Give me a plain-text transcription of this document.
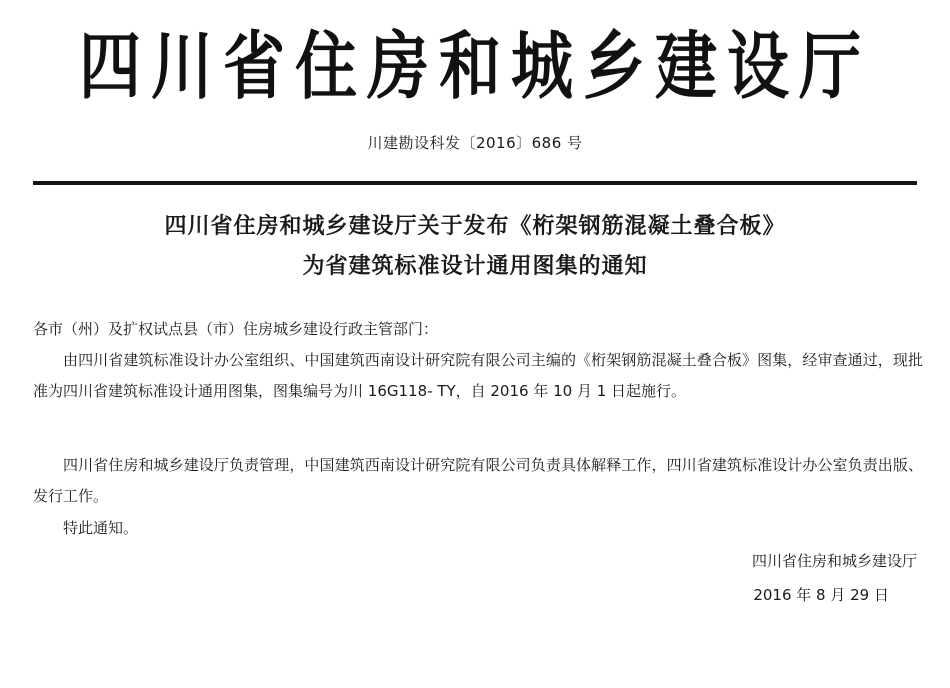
四川省住房和城乡建设厅
川建勘设科发〔2016〕686 号
四川省住房和城乡建设厅关于发布《桁架钢筋混凝土叠合板》
为省建筑标准设计通用图集的通知
各市（州）及扩权试点县（市）住房城乡建设行政主管部门：
由四川省建筑标准设计办公室组织、中国建筑西南设计研究院有限公司主编的《桁架钢筋混凝土叠合板》图集，经审查通过，现批准为四川省建筑标准设计通用图集，图集编号为川 16G118- TY，自 2016 年 10 月 1 日起施行。
四川省住房和城乡建设厅负责管理，中国建筑西南设计研究院有限公司负责具体解释工作，四川省建筑标准设计办公室负责出版、发行工作。
特此通知。
四川省住房和城乡建设厅
2016 年 8 月 29 日
